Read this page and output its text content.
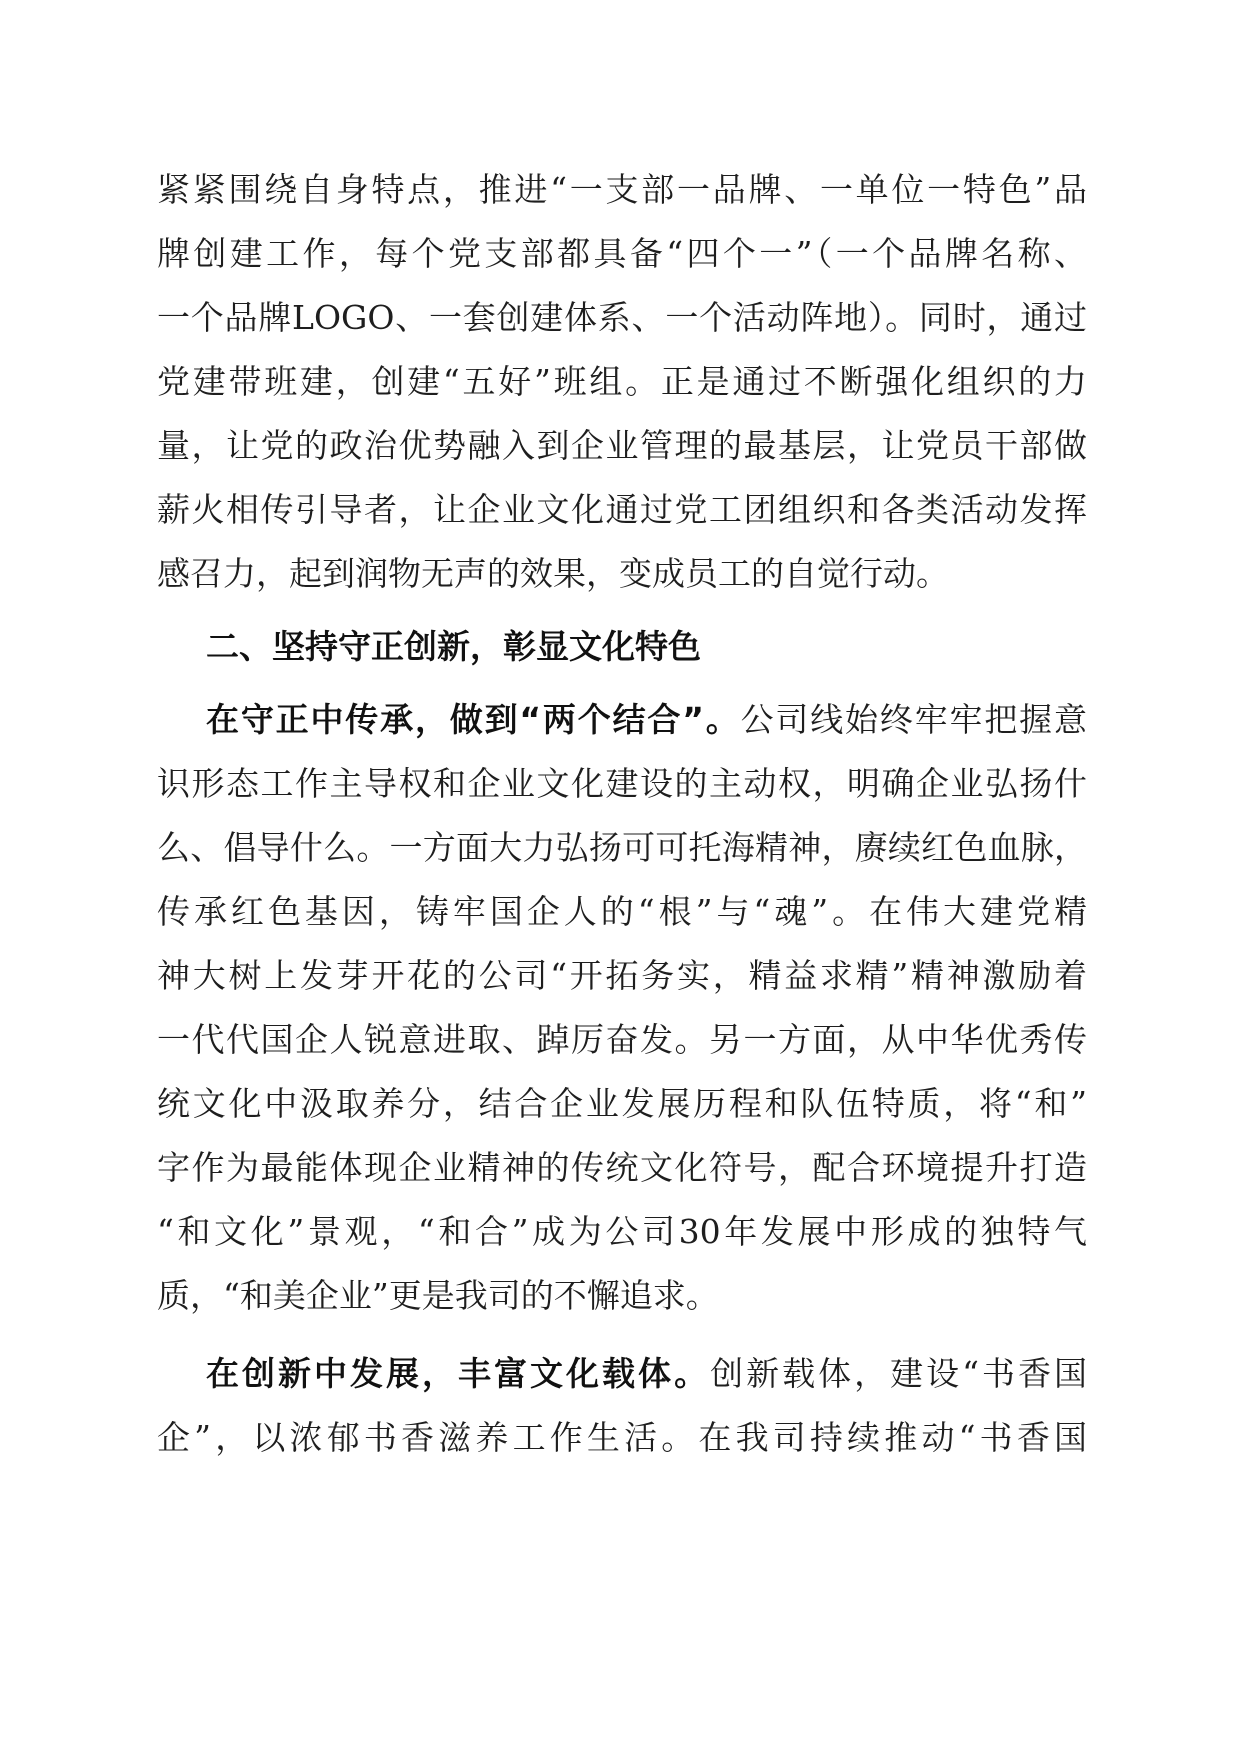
紧紧围绕自身特点，推进“一支部一品牌、一单位一特色”品
牌创建工作，每个党支部都具备“四个一”（一个品牌名称、
一个品牌LOGO、一套创建体系、一个活动阵地）。同时，通过
党建带班建，创建“五好”班组。正是通过不断强化组织的力
量，让党的政治优势融入到企业管理的最基层，让党员干部做
薪火相传引导者，让企业文化通过党工团组织和各类活动发挥
感召力，起到润物无声的效果，变成员工的自觉行动。
二、坚持守正创新，彰显文化特色
在守正中传承，做到“两个结合”。公司线始终牢牢把握意
识形态工作主导权和企业文化建设的主动权，明确企业弘扬什
么、倡导什么。一方面大力弘扬可可托海精神，赓续红色血脉，
传承红色基因，铸牢国企人的“根”与“魂”。在伟大建党精
神大树上发芽开花的公司“开拓务实，精益求精”精神激励着
一代代国企人锐意进取、踔厉奋发。另一方面，从中华优秀传
统文化中汲取养分，结合企业发展历程和队伍特质，将“和”
字作为最能体现企业精神的传统文化符号，配合环境提升打造
“和文化”景观，“和合”成为公司30年发展中形成的独特气
质，“和美企业”更是我司的不懈追求。
在创新中发展，丰富文化载体。创新载体，建设“书香国
企”，以浓郁书香滋养工作生活。在我司持续推动“书香国
